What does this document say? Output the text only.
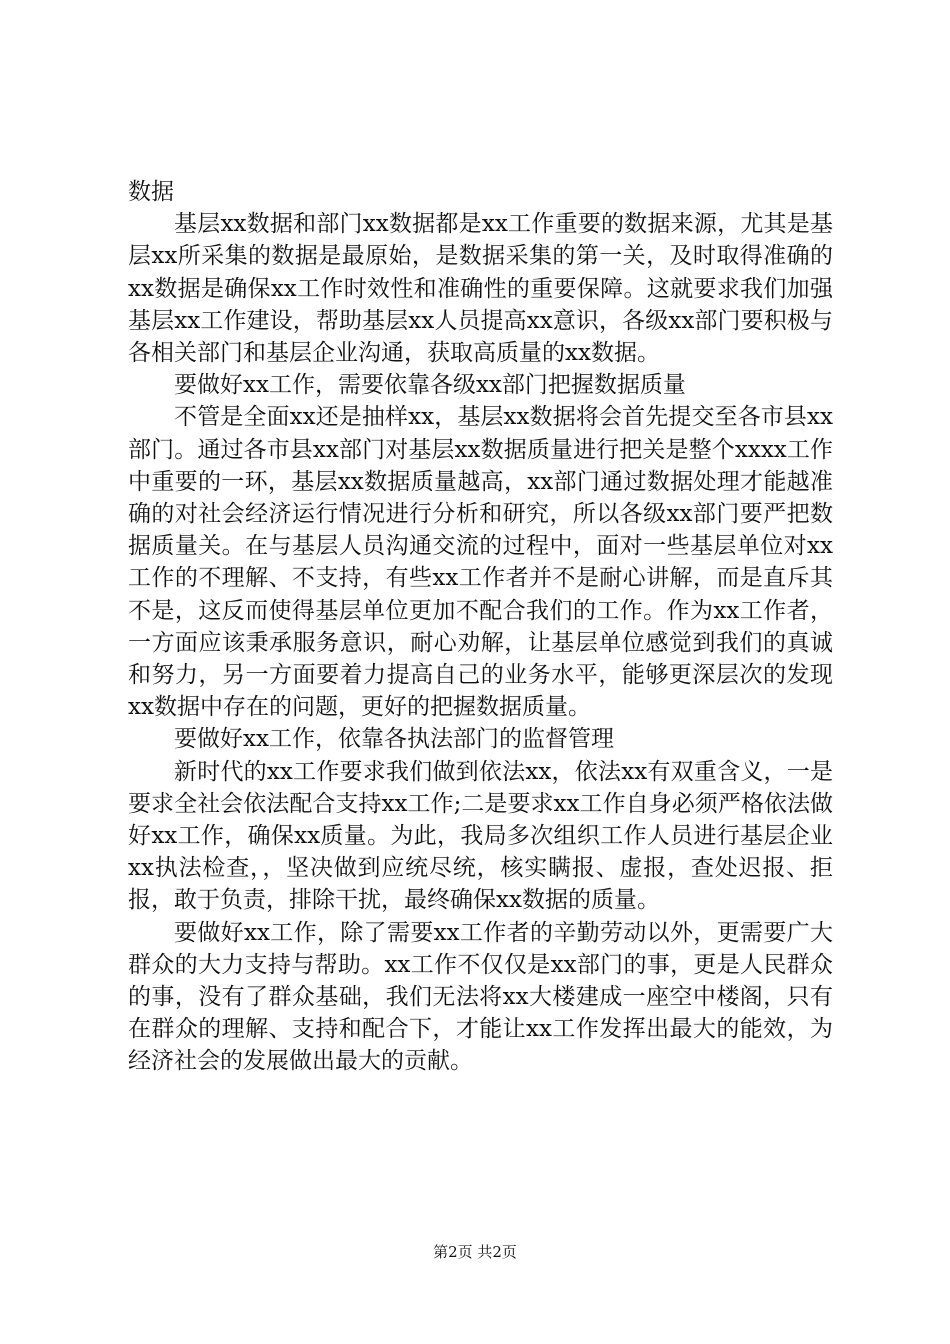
数据

基层xx数据和部门xx数据都是xx工作重要的数据来源，尤其是基层xx所采集的数据是最原始，是数据采集的第一关，及时取得准确的xx数据是确保xx工作时效性和准确性的重要保障。这就要求我们加强基层xx工作建设，帮助基层xx人员提高xx意识，各级xx部门要积极与各相关部门和基层企业沟通，获取高质量的xx数据。

要做好xx工作，需要依靠各级xx部门把握数据质量

不管是全面xx还是抽样xx，基层xx数据将会首先提交至各市县xx部门。通过各市县xx部门对基层xx数据质量进行把关是整个xxxx工作中重要的一环，基层xx数据质量越高，xx部门通过数据处理才能越准确的对社会经济运行情况进行分析和研究，所以各级xx部门要严把数据质量关。在与基层人员沟通交流的过程中，面对一些基层单位对xx工作的不理解、不支持，有些xx工作者并不是耐心讲解，而是直斥其不是，这反而使得基层单位更加不配合我们的工作。作为xx工作者，一方面应该秉承服务意识，耐心劝解，让基层单位感觉到我们的真诚和努力，另一方面要着力提高自己的业务水平，能够更深层次的发现xx数据中存在的问题，更好的把握数据质量。

要做好xx工作，依靠各执法部门的监督管理

新时代的xx工作要求我们做到依法xx，依法xx有双重含义，一是要求全社会依法配合支持xx工作;二是要求xx工作自身必须严格依法做好xx工作，确保xx质量。为此，我局多次组织工作人员进行基层企业xx执法检查，，坚决做到应统尽统，核实瞒报、虚报，查处迟报、拒报，敢于负责，排除干扰，最终确保xx数据的质量。

要做好xx工作，除了需要xx工作者的辛勤劳动以外，更需要广大群众的大力支持与帮助。xx工作不仅仅是xx部门的事，更是人民群众的事，没有了群众基础，我们无法将xx大楼建成一座空中楼阁，只有在群众的理解、支持和配合下，才能让xx工作发挥出最大的能效，为经济社会的发展做出最大的贡献。

第2页 共2页
